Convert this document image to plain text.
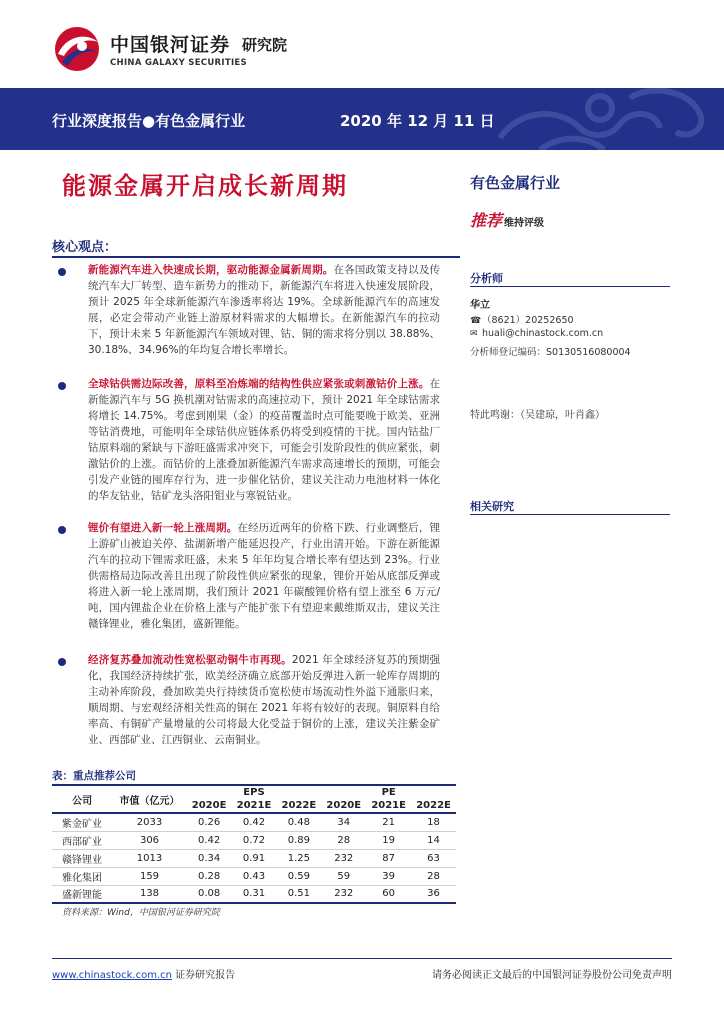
中国银河证券 研究院
CHINA GALAXY SECURITIES
行业深度报告●有色金属行业	2020 年 12 月 11 日
能源金属开启成长新周期	有色金属行业
推荐 维持评级
分析师
华立
☎（8621）20252650
✉ huali@chinastock.com.cn
分析师登记编码：S0130516080004
特此鸣谢：（吴建琼，叶肖鑫）
相关研究
核心观点：

新能源汽车进入快速成长期，驱动能源金属新周期。在各国政策支持以及传统汽车大厂转型、造车新势力的推动下，新能源汽车将进入快速发展阶段，预计 2025 年全球新能源汽车渗透率将达 19%。全球新能源汽车的高速发展，必定会带动产业链上游原材料需求的大幅增长。在新能源汽车的拉动下，预计未来 5 年新能源汽车领域对锂、钴、铜的需求将分别以 38.88%、30.18%、34.96%的年均复合增长率增长。

全球钴供需边际改善，原料至冶炼端的结构性供应紧张或刺激钴价上涨。在新能源汽车与 5G 换机潮对钴需求的高速拉动下，预计 2021 年全球钴需求将增长 14.75%。考虑到刚果（金）的疫苗覆盖时点可能要晚于欧美、亚洲等钴消费地，可能明年全球钴供应链体系仍将受到疫情的干扰。国内钴盐厂钴原料端的紧缺与下游旺盛需求冲突下，可能会引发阶段性的供应紧张，刺激钴价的上涨。而钴价的上涨叠加新能源汽车需求高速增长的预期，可能会引发产业链的囤库存行为，进一步催化钴价，建议关注动力电池材料一体化的华友钴业，钴矿龙头洛阳钼业与寒锐钴业。

锂价有望进入新一轮上涨周期。在经历近两年的价格下跌、行业调整后，锂上游矿山被迫关停、盐湖新增产能延迟投产，行业出清开始。下游在新能源汽车的拉动下锂需求旺盛，未来 5 年年均复合增长率有望达到 23%。行业供需格局边际改善且出现了阶段性供应紧张的现象，锂价开始从底部反弹或将进入新一轮上涨周期，我们预计 2021 年碳酸锂价格有望上涨至 6 万元/吨，国内锂盐企业在价格上涨与产能扩张下有望迎来戴维斯双击，建议关注赣锋锂业，雅化集团，盛新锂能。

经济复苏叠加流动性宽松驱动铜牛市再现。2021 年全球经济复苏的预期强化，我国经济持续扩张，欧美经济确立底部开始反弹进入新一轮库存周期的主动补库阶段，叠加欧美央行持续货币宽松使市场流动性外溢下通胀归来，顺周期、与宏观经济相关性高的铜在 2021 年将有较好的表现。铜原料自给率高、有铜矿产量增量的公司将最大化受益于铜价的上涨，建议关注紫金矿业、西部矿业、江西铜业、云南铜业。

表：重点推荐公司
公司	市值（亿元）	EPS			PE		
		2020E	2021E	2022E	2020E	2021E	2022E
紫金矿业	2033	0.26	0.42	0.48	34	21	18
西部矿业	306	0.42	0.72	0.89	28	19	14
赣锋锂业	1013	0.34	0.91	1.25	232	87	63
雅化集团	159	0.28	0.43	0.59	59	39	28
盛新锂能	138	0.08	0.31	0.51	232	60	36
资料来源：Wind，中国银河证券研究院
www.chinastock.com.cn 证券研究报告	请务必阅读正文最后的中国银河证券股份公司免责声明
